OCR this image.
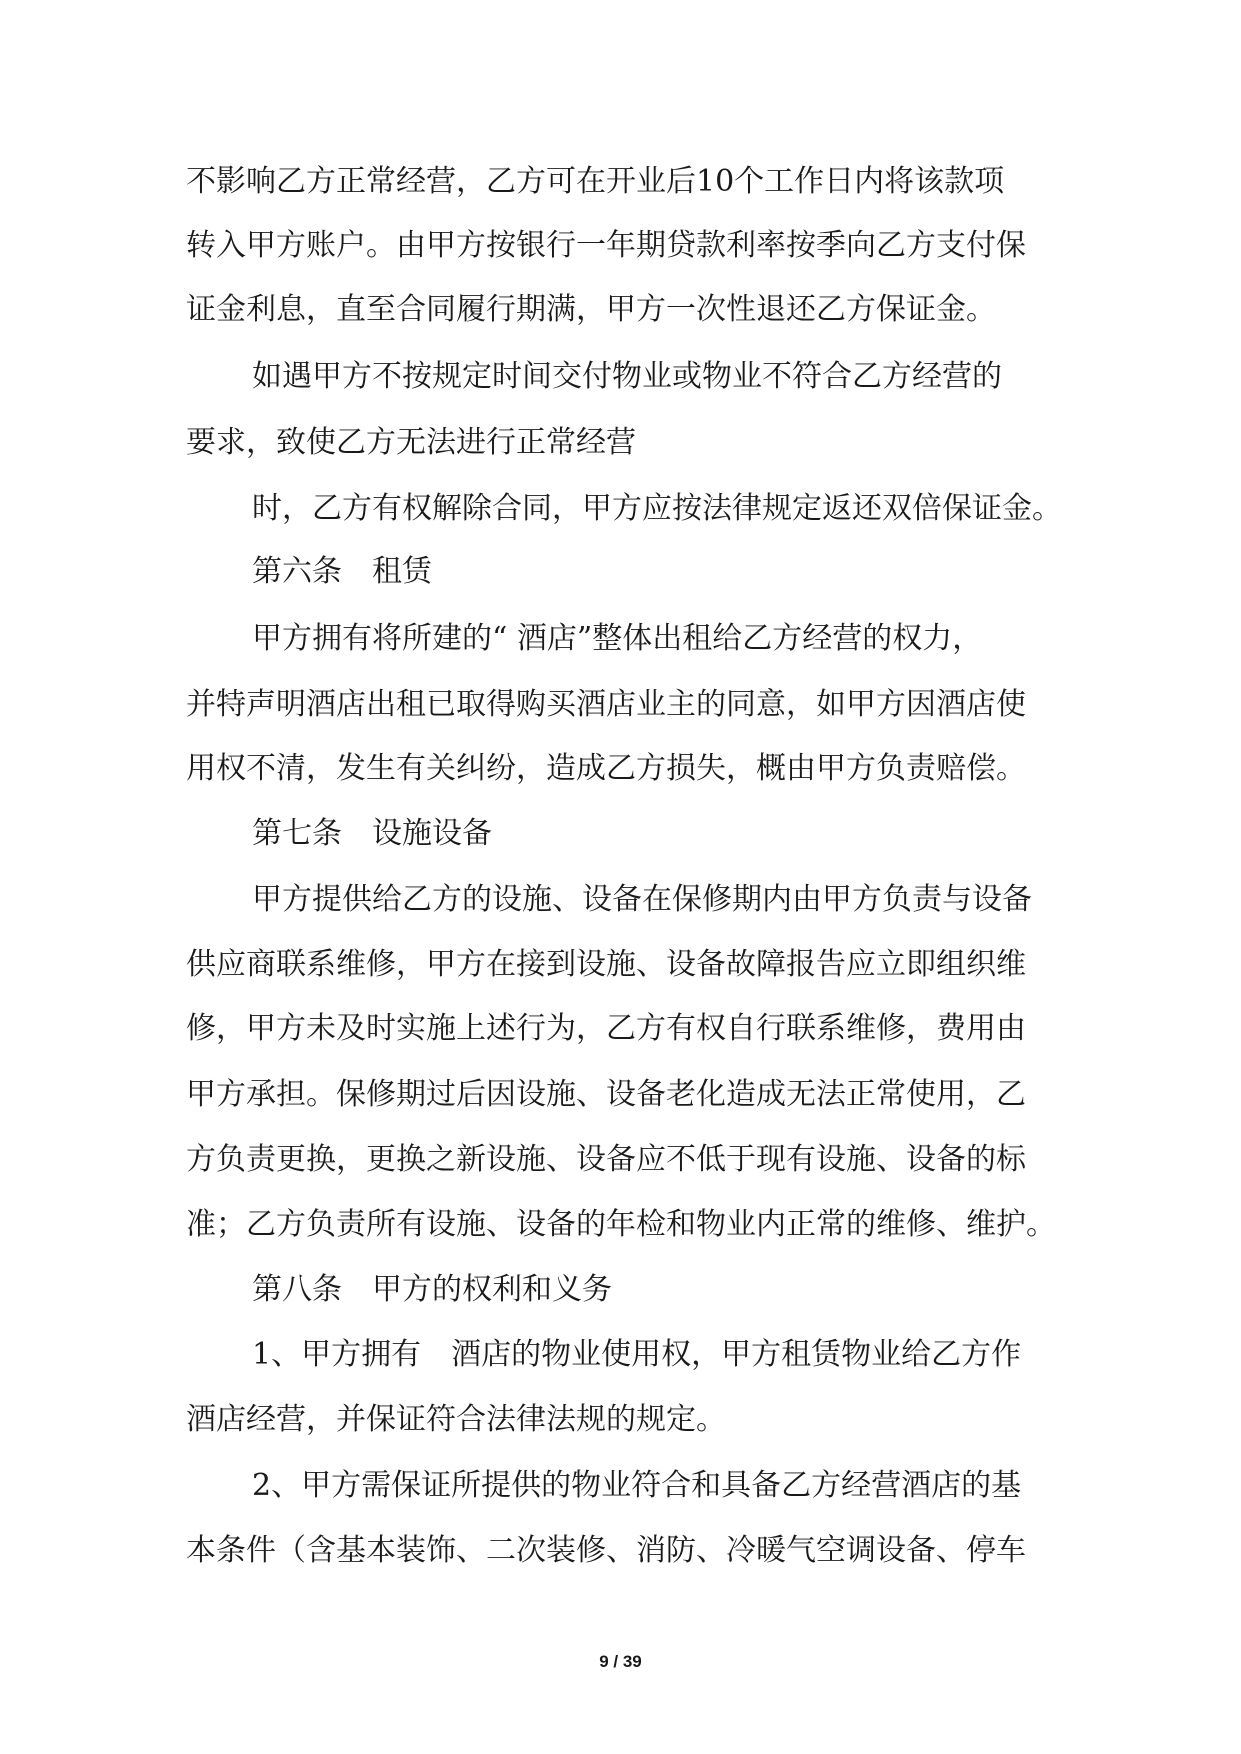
不影响乙方正常经营，乙方可在开业后10个工作日内将该款项
转入甲方账户。由甲方按银行一年期贷款利率按季向乙方支付保
证金利息，直至合同履行期满，甲方一次性退还乙方保证金。
如遇甲方不按规定时间交付物业或物业不符合乙方经营的
要求，致使乙方无法进行正常经营
时，乙方有权解除合同，甲方应按法律规定返还双倍保证金。
第六条　租赁
甲方拥有将所建的“ 酒店”整体出租给乙方经营的权力，
并特声明酒店出租已取得购买酒店业主的同意，如甲方因酒店使
用权不清，发生有关纠纷，造成乙方损失，概由甲方负责赔偿。
第七条　设施设备
甲方提供给乙方的设施、设备在保修期内由甲方负责与设备
供应商联系维修，甲方在接到设施、设备故障报告应立即组织维
修，甲方未及时实施上述行为，乙方有权自行联系维修，费用由
甲方承担。保修期过后因设施、设备老化造成无法正常使用，乙
方负责更换，更换之新设施、设备应不低于现有设施、设备的标
准；乙方负责所有设施、设备的年检和物业内正常的维修、维护。
第八条　甲方的权利和义务
1、甲方拥有　酒店的物业使用权，甲方租赁物业给乙方作
酒店经营，并保证符合法律法规的规定。
2、甲方需保证所提供的物业符合和具备乙方经营酒店的基
本条件（含基本装饰、二次装修、消防、冷暖气空调设备、停车
9 / 39
